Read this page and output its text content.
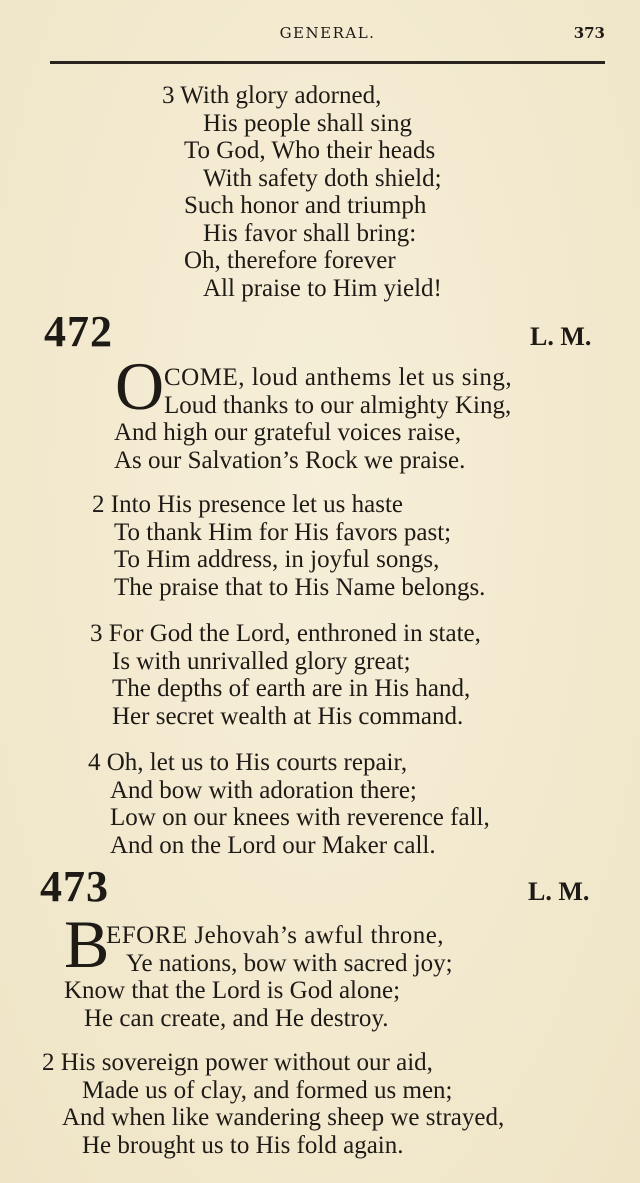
GENERAL.	373
3 With glory adorned,
His people shall sing
To God, Who their heads
With safety doth shield;
Such honor and triumph
His favor shall bring:
Oh, therefore forever
All praise to Him yield!
472	L. M.
O COME, loud anthems let us sing,
Loud thanks to our almighty King,
And high our grateful voices raise,
As our Salvation’s Rock we praise.
2 Into His presence let us haste
To thank Him for His favors past;
To Him address, in joyful songs,
The praise that to His Name belongs.
3 For God the Lord, enthroned in state,
Is with unrivalled glory great;
The depths of earth are in His hand,
Her secret wealth at His command.
4 Oh, let us to His courts repair,
And bow with adoration there;
Low on our knees with reverence fall,
And on the Lord our Maker call.
473	L. M.
B
EFORE Jehovah’s awful throne,
Ye nations, bow with sacred joy;
Know that the Lord is God alone;
He can create, and He destroy.
2 His sovereign power without our aid,
Made us of clay, and formed us men;
And when like wandering sheep we strayed,
He brought us to His fold again.
